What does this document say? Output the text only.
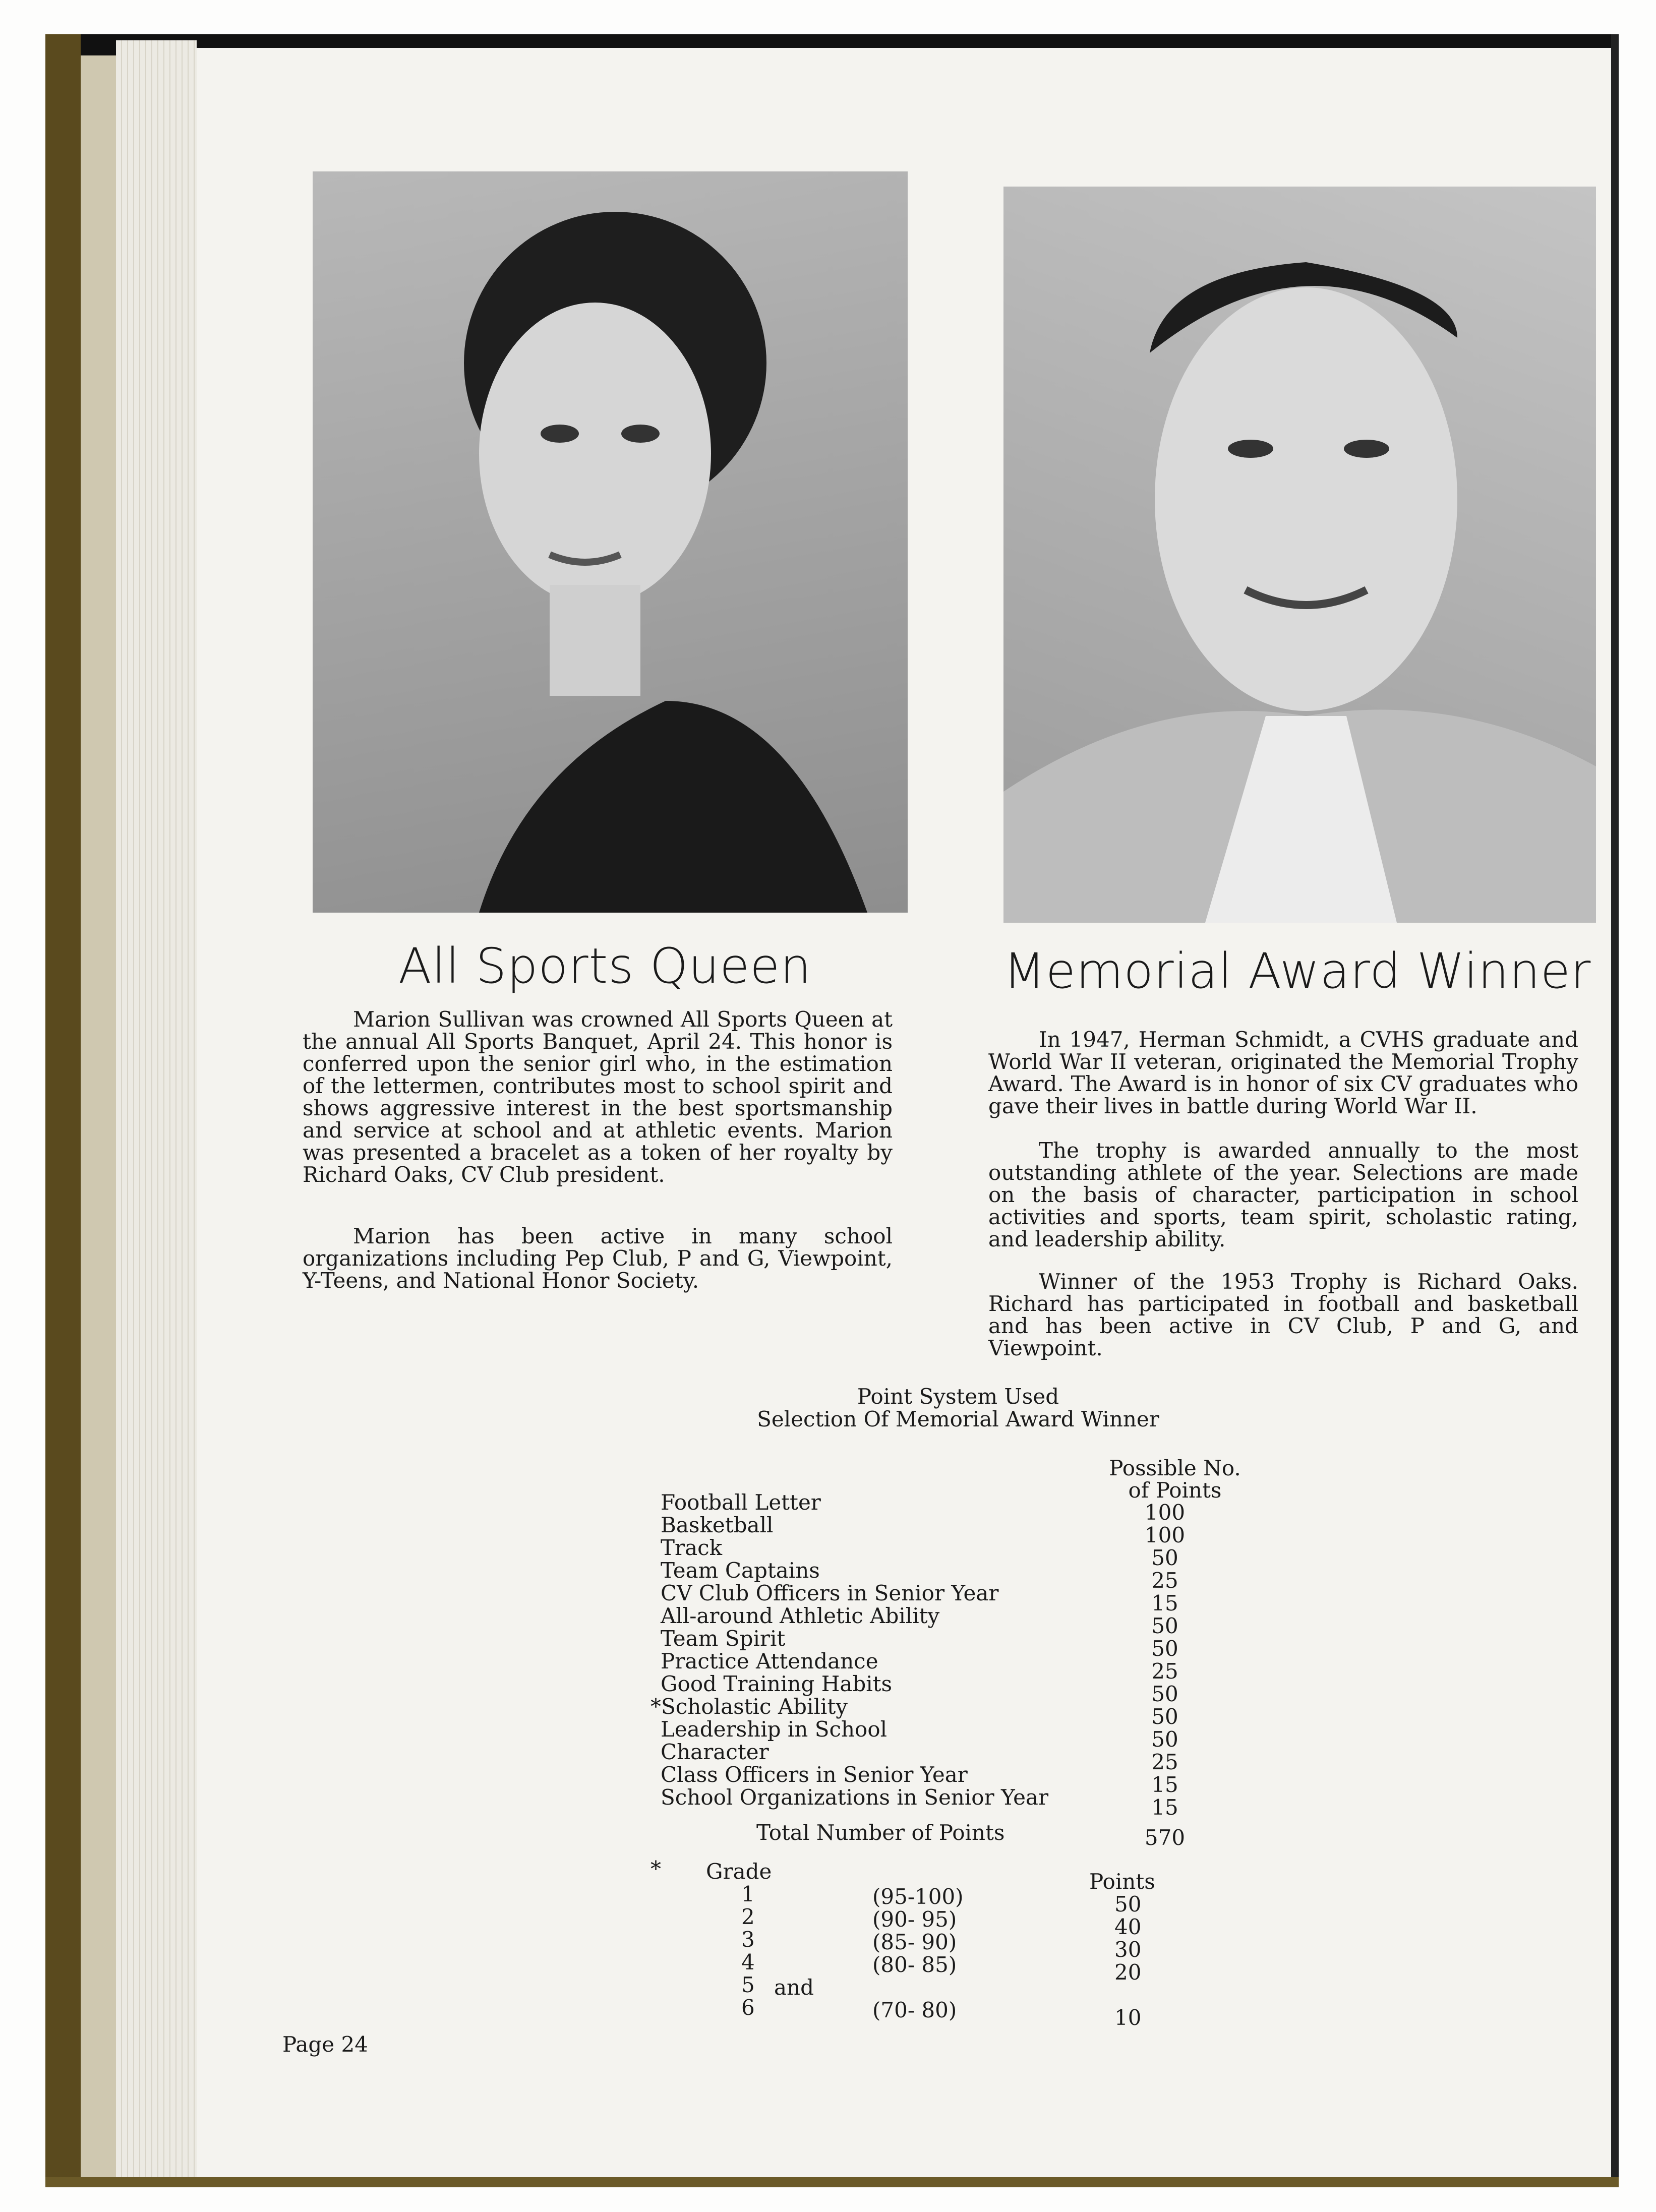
All Sports Queen	Memorial Award Winner
Marion Sullivan was crowned All Sports Queen at the annual All Sports Banquet, April 24. This honor is conferred upon the senior girl who, in the estimation of the lettermen, contributes most to school spirit and shows aggressive interest in the best sportsmanship and service at school and at athletic events. Marion was presented a bracelet as a token of her royalty by Richard Oaks, CV Club president.
Marion has been active in many school organizations including Pep Club, P and G, Viewpoint, Y-Teens, and National Honor Society.
In 1947, Herman Schmidt, a CVHS graduate and World War II veteran, originated the Memorial Trophy Award. The Award is in honor of six CV graduates who gave their lives in battle during World War II.
The trophy is awarded annually to the most outstanding athlete of the year. Selections are made on the basis of character, participation in school activities and sports, team spirit, scholastic rating, and leadership ability.
Winner of the 1953 Trophy is Richard Oaks. Richard has participated in football and basketball and has been active in CV Club, P and G, and Viewpoint.
Point System Used
Selection Of Memorial Award Winner
Possible No.
of Points
Football Letter	100
Basketball	100
Track	50
Team Captains	25
CV Club Officers in Senior Year	15
All-around Athletic Ability	50
Team Spirit	50
Practice Attendance	25
Good Training Habits	50
*Scholastic Ability	50
Leadership in School	50
Character	25
Class Officers in Senior Year	15
School Organizations in Senior Year	15
Total Number of Points	570
* Grade	Points
1	(95-100)	50
2	(90- 95)	40
3	(85- 90)	30
4	(80- 85)	20
5 and
6	(70- 80)	10
Page 24
